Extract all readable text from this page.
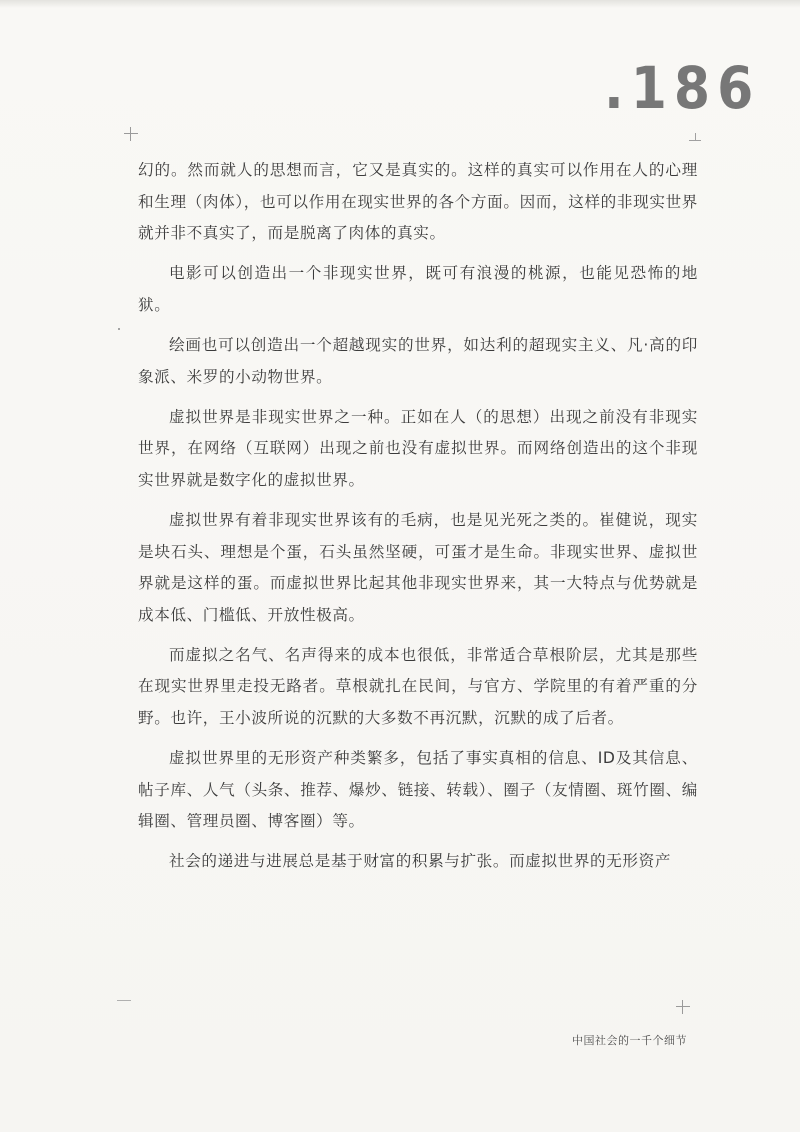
.186

幻的。然而就人的思想而言，它又是真实的。这样的真实可以作用在人的心理和生理（肉体），也可以作用在现实世界的各个方面。因而，这样的非现实世界就并非不真实了，而是脱离了肉体的真实。

电影可以创造出一个非现实世界，既可有浪漫的桃源，也能见恐怖的地狱。

绘画也可以创造出一个超越现实的世界，如达利的超现实主义、凡·高的印象派、米罗的小动物世界。

虚拟世界是非现实世界之一种。正如在人（的思想）出现之前没有非现实世界，在网络（互联网）出现之前也没有虚拟世界。而网络创造出的这个非现实世界就是数字化的虚拟世界。

虚拟世界有着非现实世界该有的毛病，也是见光死之类的。崔健说，现实是块石头、理想是个蛋，石头虽然坚硬，可蛋才是生命。非现实世界、虚拟世界就是这样的蛋。而虚拟世界比起其他非现实世界来，其一大特点与优势就是成本低、门槛低、开放性极高。

而虚拟之名气、名声得来的成本也很低，非常适合草根阶层，尤其是那些在现实世界里走投无路者。草根就扎在民间，与官方、学院里的有着严重的分野。也许，王小波所说的沉默的大多数不再沉默，沉默的成了后者。

虚拟世界里的无形资产种类繁多，包括了事实真相的信息、ID及其信息、帖子库、人气（头条、推荐、爆炒、链接、转载）、圈子（友情圈、斑竹圈、编辑圈、管理员圈、博客圈）等。

社会的递进与进展总是基于财富的积累与扩张。而虚拟世界的无形资产

中国社会的一千个细节
